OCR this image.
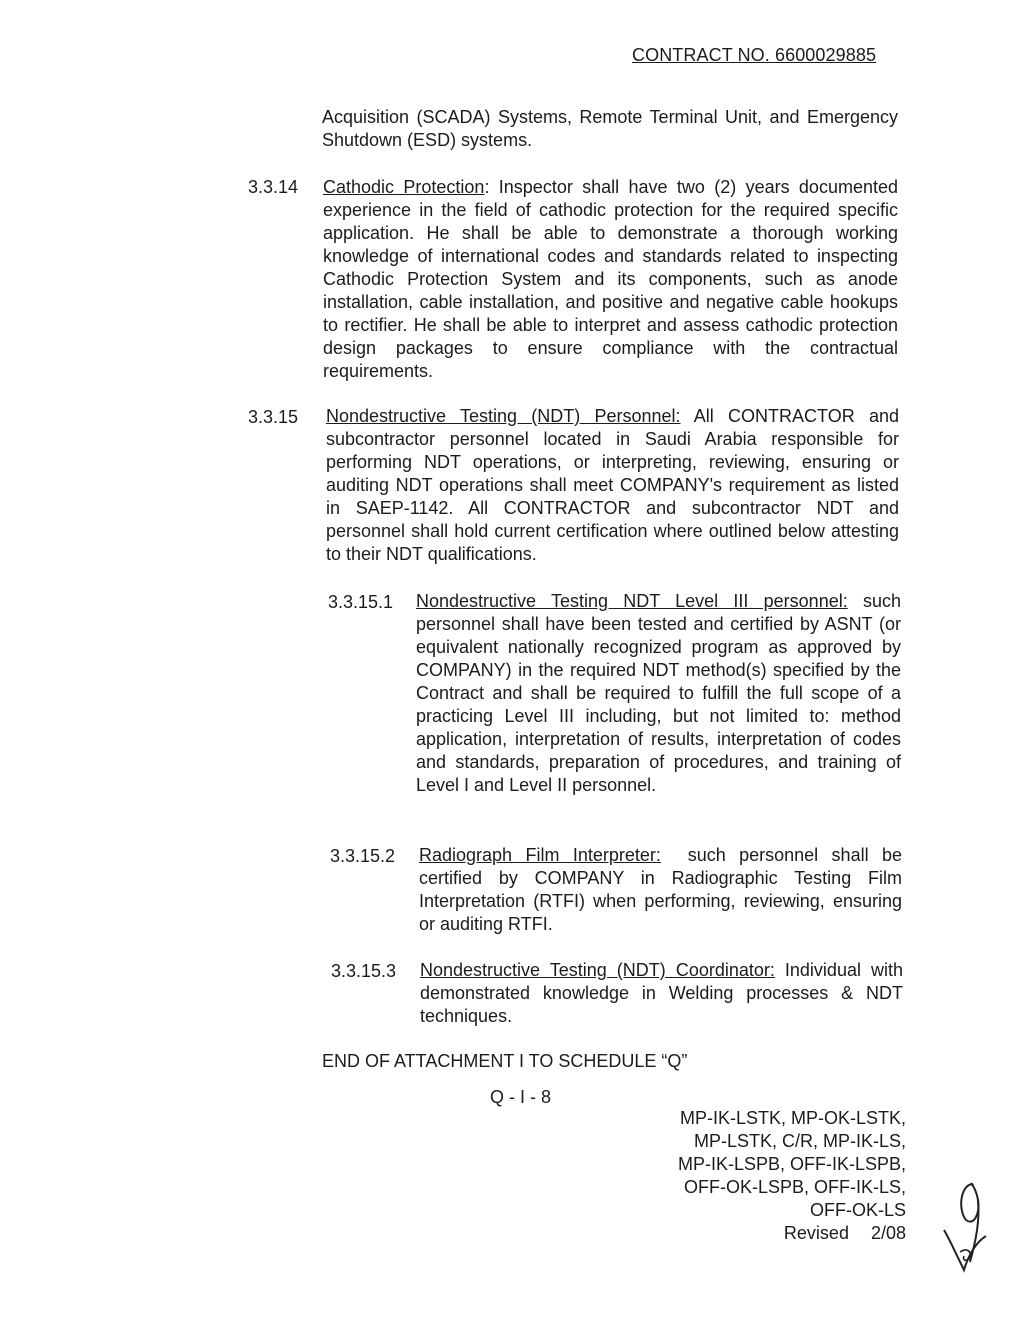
CONTRACT NO. 6600029885
Acquisition (SCADA) Systems, Remote Terminal Unit, and Emergency Shutdown (ESD) systems.
3.3.14 Cathodic Protection: Inspector shall have two (2) years documented experience in the field of cathodic protection for the required specific application. He shall be able to demonstrate a thorough working knowledge of international codes and standards related to inspecting Cathodic Protection System and its components, such as anode installation, cable installation, and positive and negative cable hookups to rectifier. He shall be able to interpret and assess cathodic protection design packages to ensure compliance with the contractual requirements.
3.3.15 Nondestructive Testing (NDT) Personnel: All CONTRACTOR and subcontractor personnel located in Saudi Arabia responsible for performing NDT operations, or interpreting, reviewing, ensuring or auditing NDT operations shall meet COMPANY's requirement as listed in SAEP-1142. All CONTRACTOR and subcontractor NDT and personnel shall hold current certification where outlined below attesting to their NDT qualifications.
3.3.15.1 Nondestructive Testing NDT Level III personnel: such personnel shall have been tested and certified by ASNT (or equivalent nationally recognized program as approved by COMPANY) in the required NDT method(s) specified by the Contract and shall be required to fulfill the full scope of a practicing Level III including, but not limited to: method application, interpretation of results, interpretation of codes and standards, preparation of procedures, and training of Level I and Level II personnel.
3.3.15.2 Radiograph Film Interpreter: such personnel shall be certified by COMPANY in Radiographic Testing Film Interpretation (RTFI) when performing, reviewing, ensuring or auditing RTFI.
3.3.15.3 Nondestructive Testing (NDT) Coordinator: Individual with demonstrated knowledge in Welding processes & NDT techniques.
END OF ATTACHMENT I TO SCHEDULE “Q”
Q - I - 8
MP-IK-LSTK, MP-OK-LSTK,
MP-LSTK, C/R, MP-IK-LS,
MP-IK-LSPB, OFF-IK-LSPB,
OFF-OK-LSPB, OFF-IK-LS,
OFF-OK-LS
Revised 2/08
